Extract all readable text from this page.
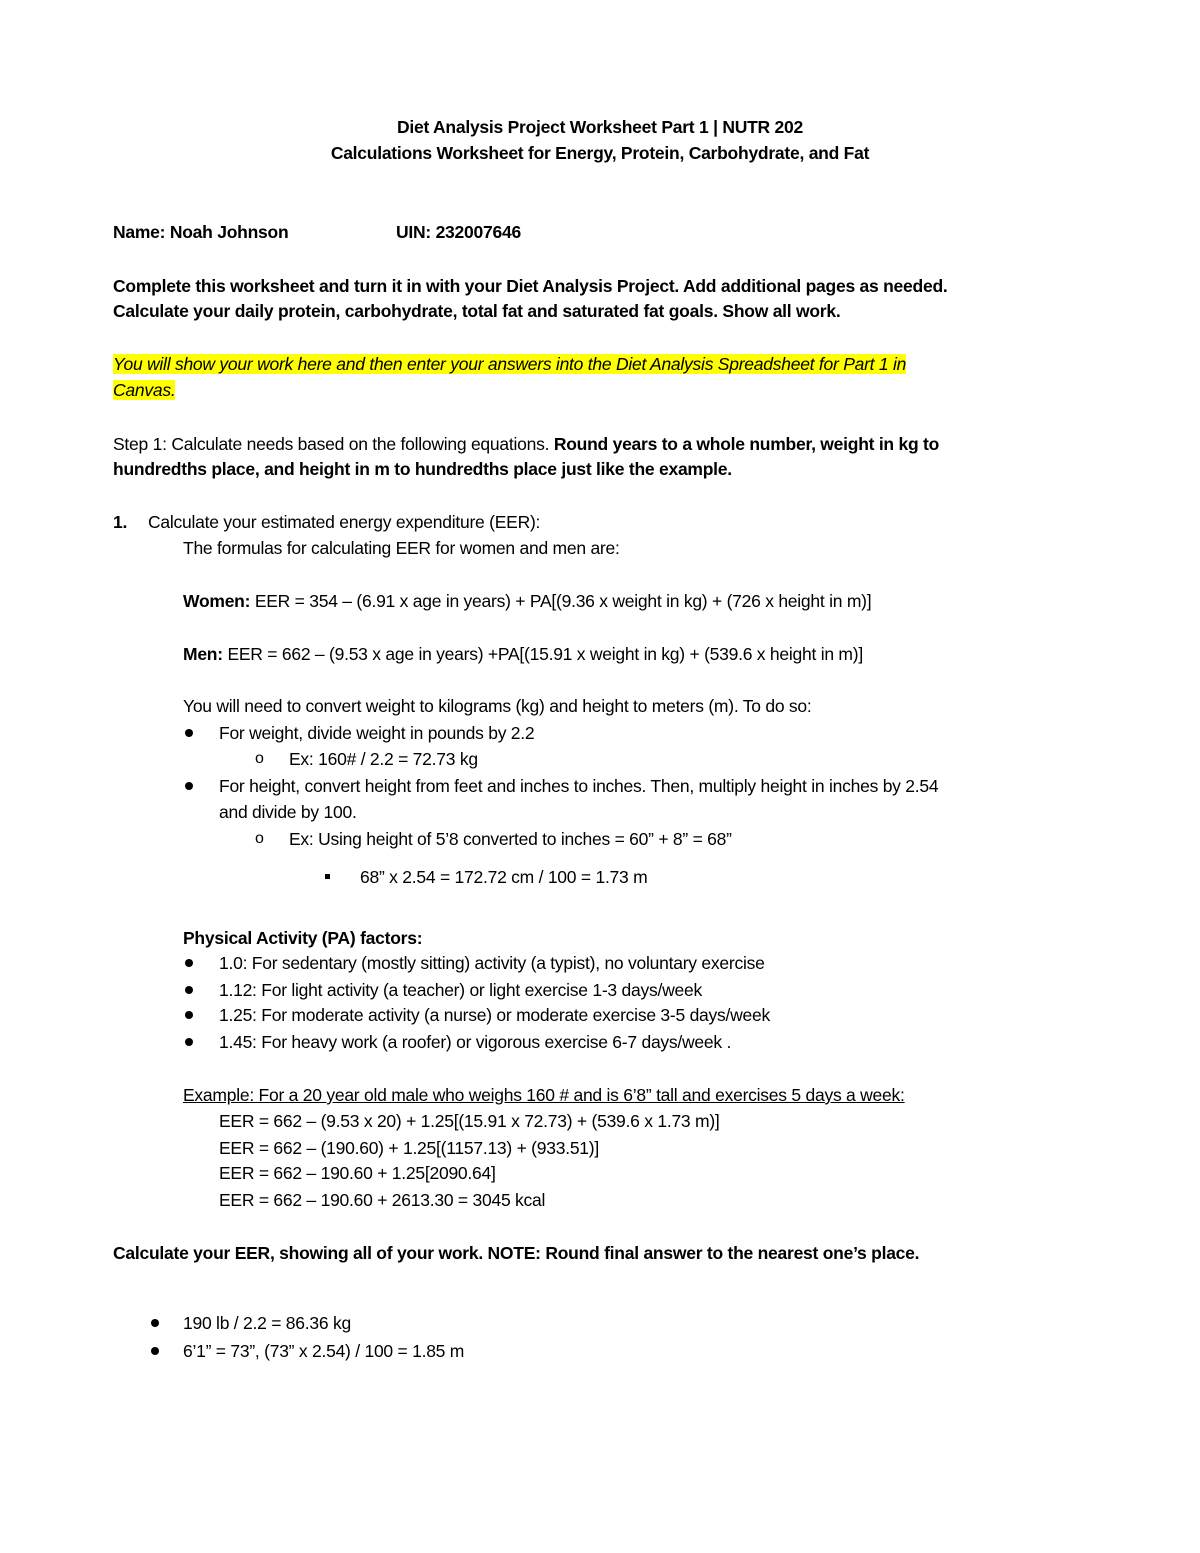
Diet Analysis Project Worksheet Part 1 | NUTR 202
Calculations Worksheet for Energy, Protein, Carbohydrate, and Fat
Name: Noah Johnson	UIN: 232007646
Complete this worksheet and turn it in with your Diet Analysis Project. Add additional pages as needed.
Calculate your daily protein, carbohydrate, total fat and saturated fat goals. Show all work.
You will show your work here and then enter your answers into the Diet Analysis Spreadsheet for Part 1 in
Canvas.
Step 1: Calculate needs based on the following equations. Round years to a whole number, weight in kg to
hundredths place, and height in m to hundredths place just like the example.
1. Calculate your estimated energy expenditure (EER):
The formulas for calculating EER for women and men are:
Women: EER = 354 – (6.91 x age in years) + PA[(9.36 x weight in kg) + (726 x height in m)]
Men: EER = 662 – (9.53 x age in years) +PA[(15.91 x weight in kg) + (539.6 x height in m)]
You will need to convert weight to kilograms (kg) and height to meters (m). To do so:
For weight, divide weight in pounds by 2.2
o Ex: 160# / 2.2 = 72.73 kg
For height, convert height from feet and inches to inches. Then, multiply height in inches by 2.54
and divide by 100.
o Ex: Using height of 5’8 converted to inches = 60” + 8” = 68”
68” x 2.54 = 172.72 cm / 100 = 1.73 m
Physical Activity (PA) factors:
1.0: For sedentary (mostly sitting) activity (a typist), no voluntary exercise
1.12: For light activity (a teacher) or light exercise 1-3 days/week
1.25: For moderate activity (a nurse) or moderate exercise 3-5 days/week
1.45: For heavy work (a roofer) or vigorous exercise 6-7 days/week .
Example: For a 20 year old male who weighs 160 # and is 6’8” tall and exercises 5 days a week:
EER = 662 – (9.53 x 20) + 1.25[(15.91 x 72.73) + (539.6 x 1.73 m)]
EER = 662 – (190.60) + 1.25[(1157.13) + (933.51)]
EER = 662 – 190.60 + 1.25[2090.64]
EER = 662 – 190.60 + 2613.30 = 3045 kcal
Calculate your EER, showing all of your work. NOTE: Round final answer to the nearest one’s place.
190 lb / 2.2 = 86.36 kg
6’1” = 73”, (73” x 2.54) / 100 = 1.85 m
